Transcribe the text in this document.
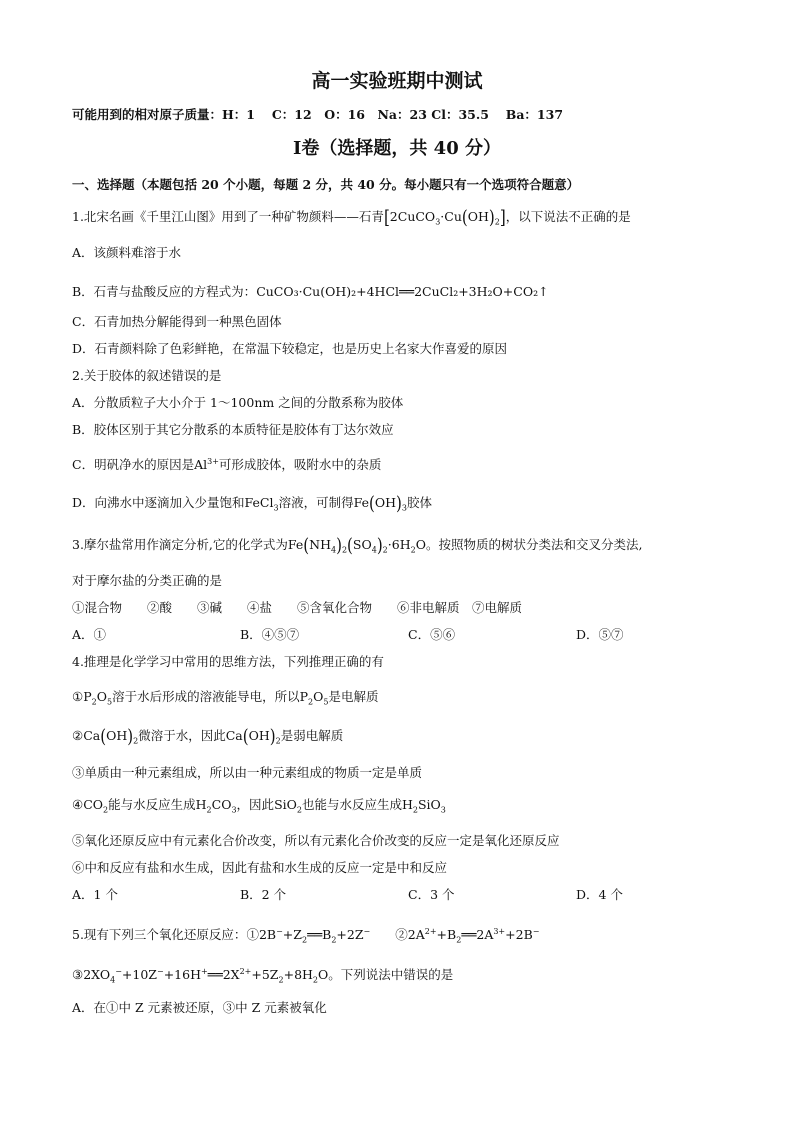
高一实验班期中测试
可能用到的相对原子质量：H：1　 C：12　O：16　Na：23 Cl：35.5　 Ba：137
Ⅰ卷（选择题，共 40 分）
一、选择题（本题包括 20 个小题，每题 2 分，共 40 分。每小题只有一个选项符合题意）
1.北宋名画《千里江山图》用到了一种矿物颜料——石青$[2CuCO_3\cdot Cu(OH)_2]$，以下说法不正确的是
A．该颜料难溶于水
B．石青与盐酸反应的方程式为：CuCO₃·Cu(OH)₂+4HCl══2CuCl₂+3H₂O+CO₂↑
C．石青加热分解能得到一种黑色固体
D．石青颜料除了色彩鲜艳，在常温下较稳定，也是历史上名家大作喜爱的原因
2.关于胶体的叙述错误的是
A．分散质粒子大小介于 1～100nm 之间的分散系称为胶体
B．胶体区别于其它分散系的本质特征是胶体有丁达尔效应
C．明矾净水的原因是$Al^{3+}$可形成胶体，吸附水中的杂质
D．向沸水中逐滴加入少量饱和FeCl$_3$溶液，可制得$Fe(OH)_3$胶体
3.摩尔盐常用作滴定分析,它的化学式为$Fe(NH_4)_2(SO_4)_2\cdot 6H_2O$。按照物质的树状分类法和交叉分类法,
对于摩尔盐的分类正确的是
①混合物　　②酸　　③碱　　④盐　　⑤含氧化合物　　⑥非电解质　⑦电解质
A．①	B．④⑤⑦	C．⑤⑥	D．⑤⑦
4.推理是化学学习中常用的思维方法，下列推理正确的有
$①P_2O_5$溶于水后形成的溶液能导电，所以$P_2O_5$是电解质
$②Ca(OH)_2$微溶于水，因此$Ca(OH)_2$是弱电解质
③单质由一种元素组成，所以由一种元素组成的物质一定是单质
$④CO_2$能与水反应生成$H_2CO_3$，因此SiO$_2$也能与水反应生成$H_2SiO_3$
⑤氧化还原反应中有元素化合价改变，所以有元素化合价改变的反应一定是氧化还原反应
⑥中和反应有盐和水生成，因此有盐和水生成的反应一定是中和反应
A．1 个	B．2 个	C．3 个	D．4 个
5.现有下列三个氧化还原反应：$①2B^-+Z_2══B_2+2Z^-$　　 $②2A^{2+}+B_2══2A^{3+}+2B^-$
$③2XO_4^-+10Z^-+16H^+══2X^{2+}+5Z_2+8H_2O$。下列说法中错误的是
A．在①中 Z 元素被还原，③中 Z 元素被氧化
